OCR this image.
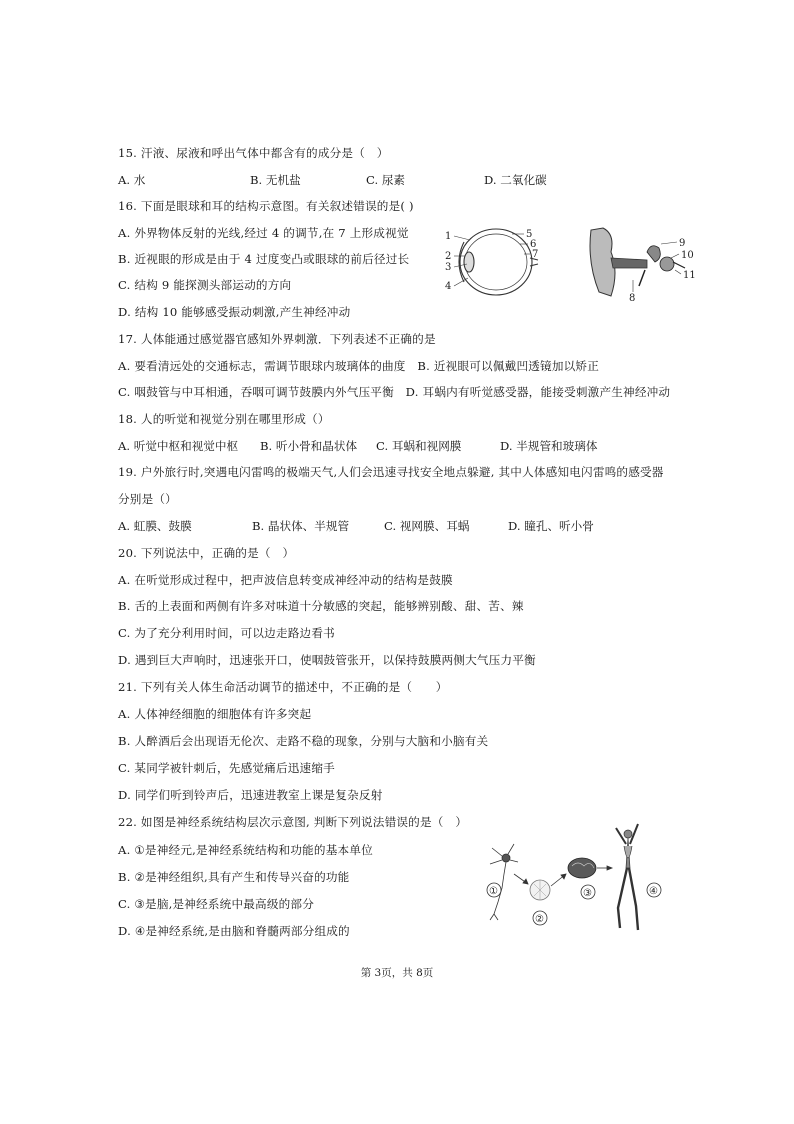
15. 汗液、尿液和呼出气体中都含有的成分是（　）
A. 水	B. 无机盐	C. 尿素	D. 二氧化碳
16. 下面是眼球和耳的结构示意图。有关叙述错误的是( )
A. 外界物体反射的光线,经过 4 的调节,在 7 上形成视觉
B. 近视眼的形成是由于 4 过度变凸或眼球的前后径过长
C. 结构 9 能探测头部运动的方向
D. 结构 10 能够感受振动刺激,产生神经冲动
1
2
3
4
5
6
7
8
9
10
11
17. 人体能通过感觉器官感知外界刺激．下列表述不正确的是
A. 要看清远处的交通标志，需调节眼球内玻璃体的曲度　B. 近视眼可以佩戴凹透镜加以矫正
C. 咽鼓管与中耳相通，吞咽可调节鼓膜内外气压平衡　D. 耳蜗内有听觉感受器，能接受刺激产生神经冲动
18. 人的听觉和视觉分别在哪里形成（）
A. 听觉中枢和视觉中枢 B. 听小骨和晶状体 C. 耳蜗和视网膜	D. 半规管和玻璃体
19. 户外旅行时,突遇电闪雷鸣的极端天气,人们会迅速寻找安全地点躲避, 其中人体感知电闪雷鸣的感受器
分别是（）
A. 虹膜、鼓膜	B. 晶状体、半规管	C. 视网膜、耳蜗	D. 瞳孔、听小骨
20. 下列说法中，正确的是（　）
A. 在听觉形成过程中，把声波信息转变成神经冲动的结构是鼓膜
B. 舌的上表面和两侧有许多对味道十分敏感的突起，能够辨别酸、甜、苦、辣
C. 为了充分利用时间，可以边走路边看书
D. 遇到巨大声响时，迅速张开口，使咽鼓管张开，以保持鼓膜两侧大气压力平衡
21. 下列有关人体生命活动调节的描述中，不正确的是（　　）
A. 人体神经细胞的细胞体有许多突起
B. 人醉酒后会出现语无伦次、走路不稳的现象，分别与大脑和小脑有关
C. 某同学被针刺后，先感觉痛后迅速缩手
D. 同学们听到铃声后，迅速进教室上课是复杂反射
22. 如图是神经系统结构层次示意图, 判断下列说法错误的是（　）
A. ①是神经元,是神经系统结构和功能的基本单位
B. ②是神经组织,具有产生和传导兴奋的功能
C. ③是脑,是神经系统中最高级的部分
D. ④是神经系统,是由脑和脊髓两部分组成的
①
②
③	④
第 3页，共 8页
